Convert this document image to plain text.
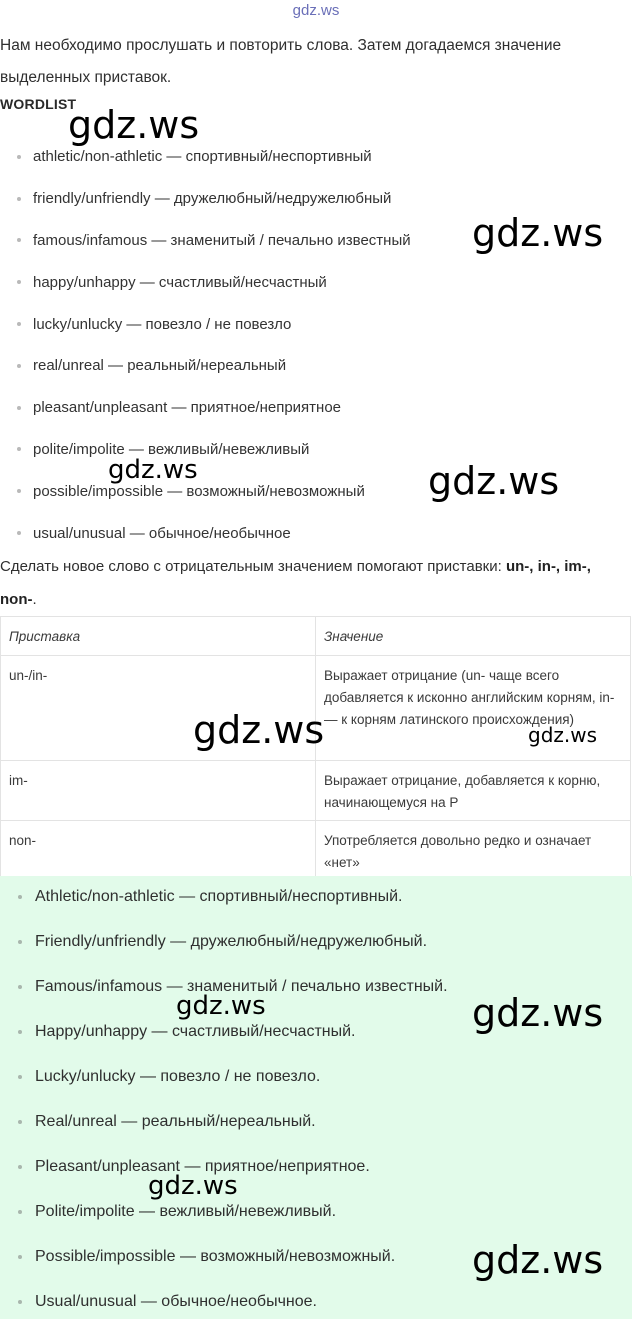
gdz.ws
Нам необходимо прослушать и повторить слова. Затем догадаемся значение выделенных приставок.
WORDLIST
athletic/non-athletic — спортивный/неспортивный
friendly/unfriendly — дружелюбный/недружелюбный
famous/infamous — знаменитый / печально известный
happy/unhappy — счастливый/несчастный
lucky/unlucky — повезло / не повезло
real/unreal — реальный/нереальный
pleasant/unpleasant — приятное/неприятное
polite/impolite — вежливый/невежливый
possible/impossible — возможный/невозможный
usual/unusual — обычное/необычное
Сделать новое слово с отрицательным значением помогают приставки: un-, in-, im-, non-.
Приставка	Значение
un-/in-	Выражает отрицание (un- чаще всего добавляется к исконно английским корням, in- — к корням латинского происхождения)
im-	Выражает отрицание, добавляется к корню, начинающемуся на P
non-	Употребляется довольно редко и означает «нет»
Athletic/non-athletic — спортивный/неспортивный.
Friendly/unfriendly — дружелюбный/недружелюбный.
Famous/infamous — знаменитый / печально известный.
Happy/unhappy — счастливый/несчастный.
Lucky/unlucky — повезло / не повезло.
Real/unreal — реальный/нереальный.
Pleasant/unpleasant — приятное/неприятное.
Polite/impolite — вежливый/невежливый.
Possible/impossible — возможный/невозможный.
Usual/unusual — обычное/необычное.
gdz.ws
gdz.ws
gdz.ws	gdz.ws
gdz.ws	gdz.ws
gdz.ws	gdz.ws
gdz.ws
gdz.ws
